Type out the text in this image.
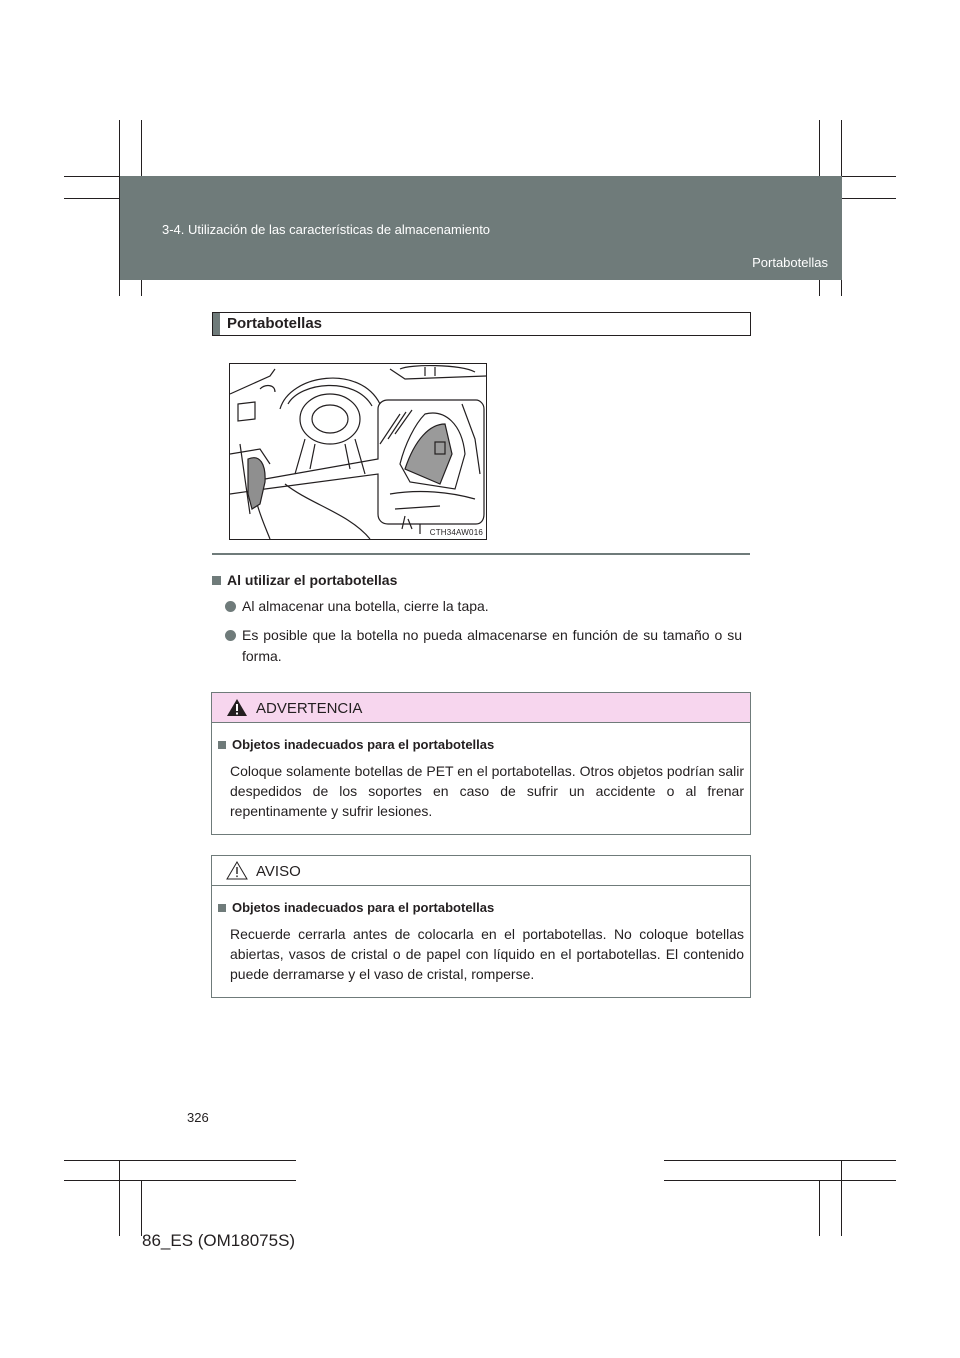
3-4. Utilización de las características de almacenamiento
Portabotellas
Portabotellas
CTH34AW016
Al utilizar el portabotellas
Al almacenar una botella, cierre la tapa.
Es posible que la botella no pueda almacenarse en función de su tamaño o su forma.
ADVERTENCIA
Objetos inadecuados para el portabotellas
Coloque solamente botellas de PET en el portabotellas. Otros objetos podrían salir despedidos de los soportes en caso de sufrir un accidente o al frenar repentinamente y sufrir lesiones.
AVISO
Objetos inadecuados para el portabotellas
Recuerde cerrarla antes de colocarla en el portabotellas. No coloque botellas abiertas, vasos de cristal o de papel con líquido en el portabotellas. El contenido puede derramarse y el vaso de cristal, romperse.
326
86_ES (OM18075S)
